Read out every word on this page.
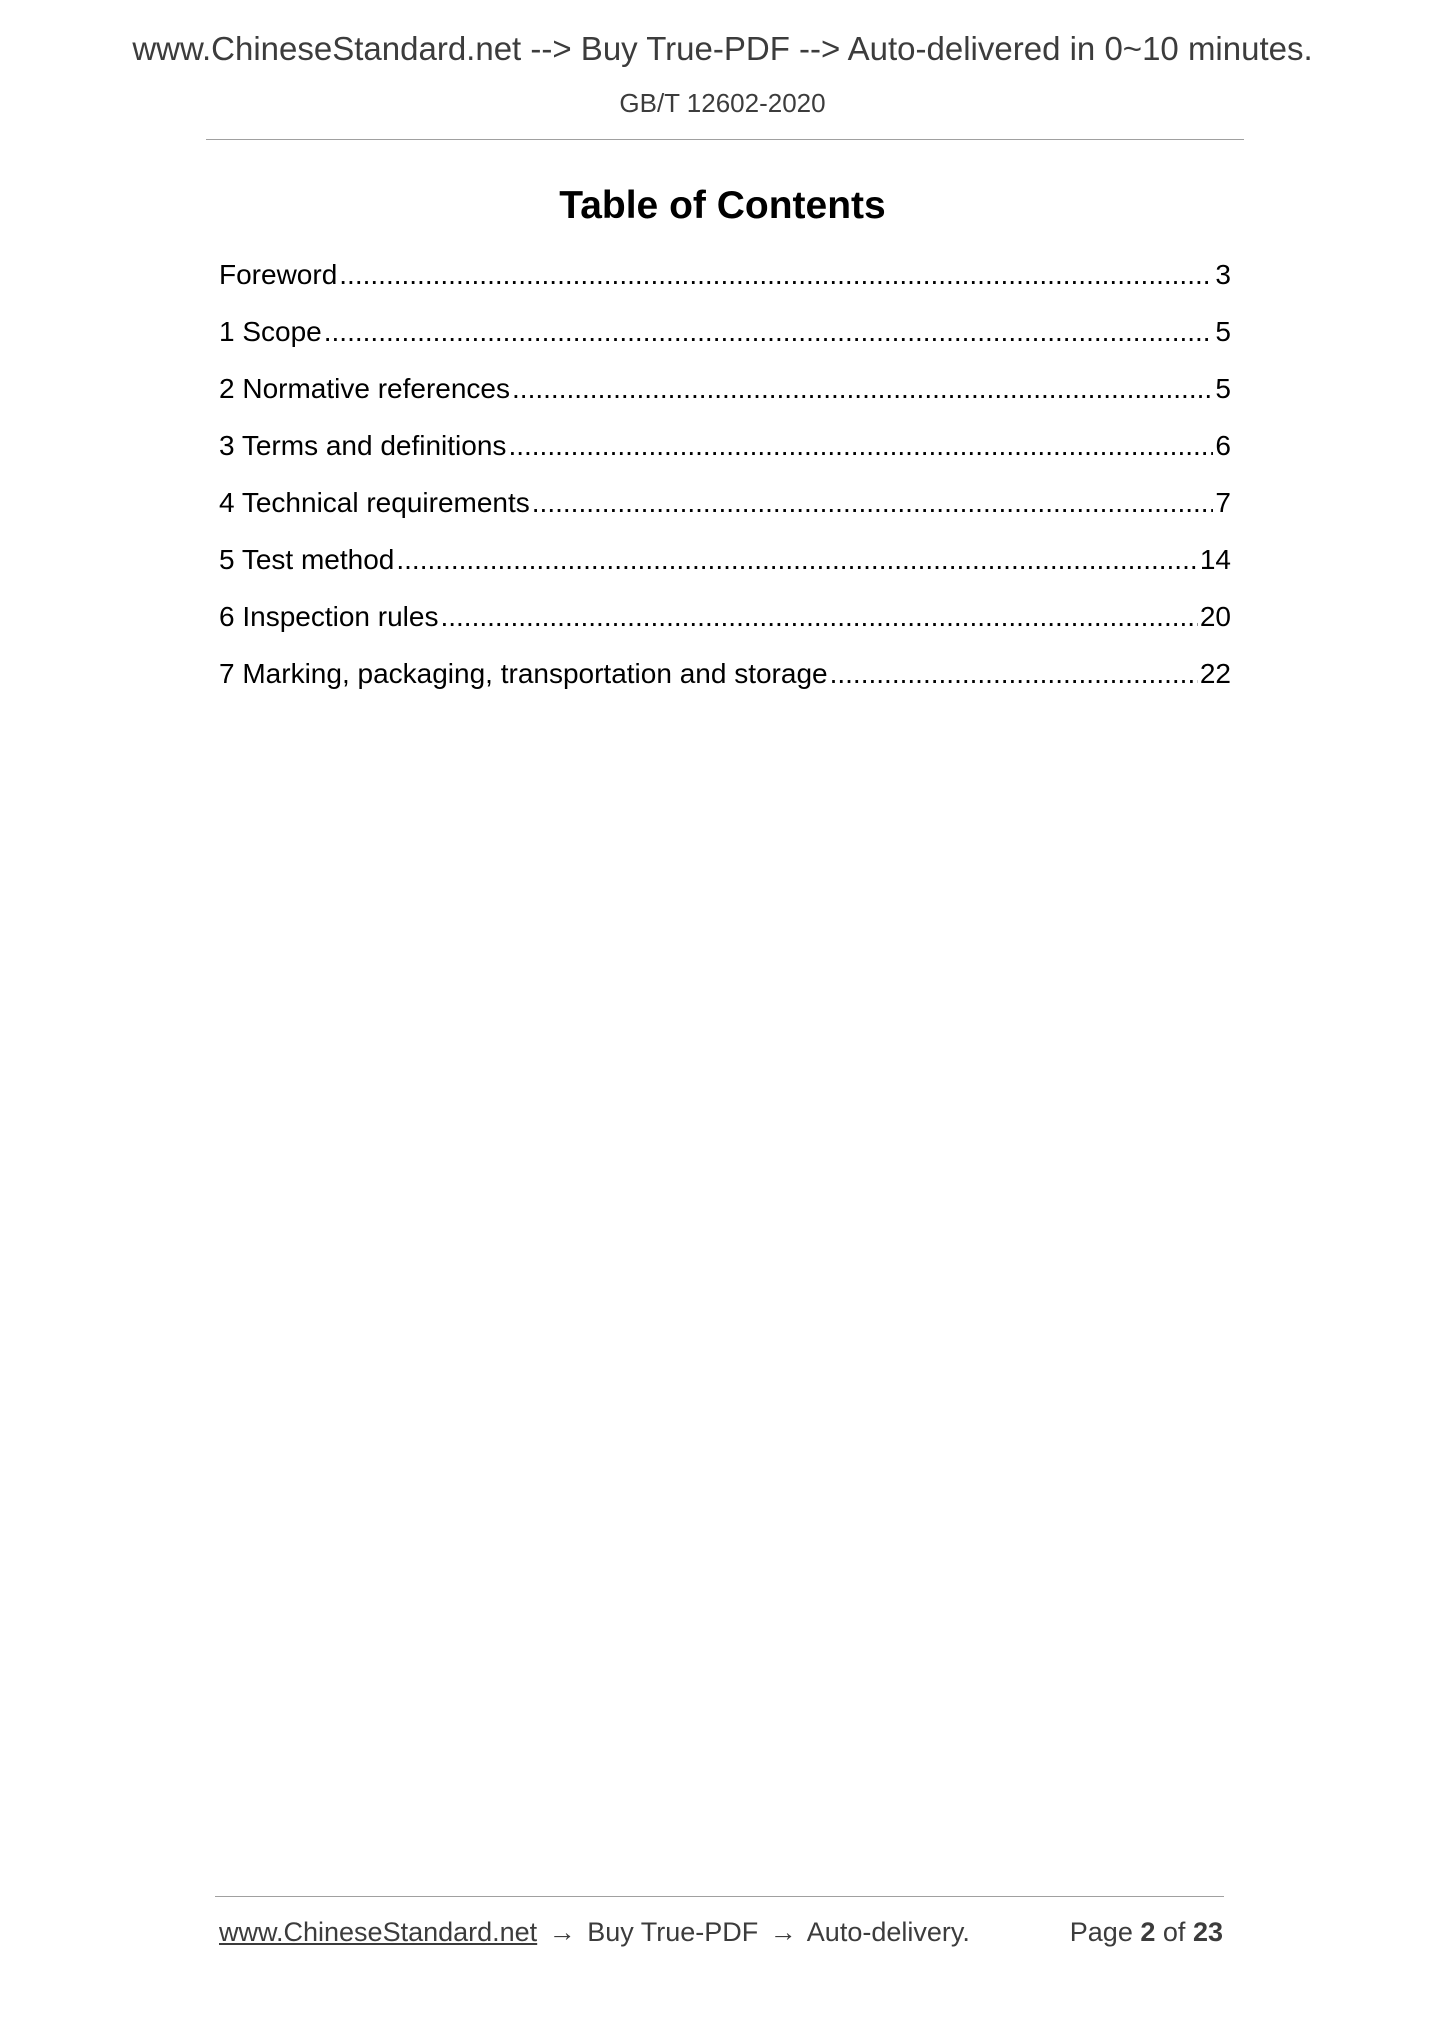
www.ChineseStandard.net --> Buy True-PDF --> Auto-delivered in 0~10 minutes.
GB/T 12602-2020
Table of Contents
Foreword .....	3
1 Scope .....	5
2 Normative references .....	5
3 Terms and definitions .....	6
4 Technical requirements .....	7
5 Test method .....	14
6 Inspection rules .....	20
7 Marking, packaging, transportation and storage .....	22
www.ChineseStandard.net → Buy True-PDF → Auto-delivery.	Page 2 of 23
